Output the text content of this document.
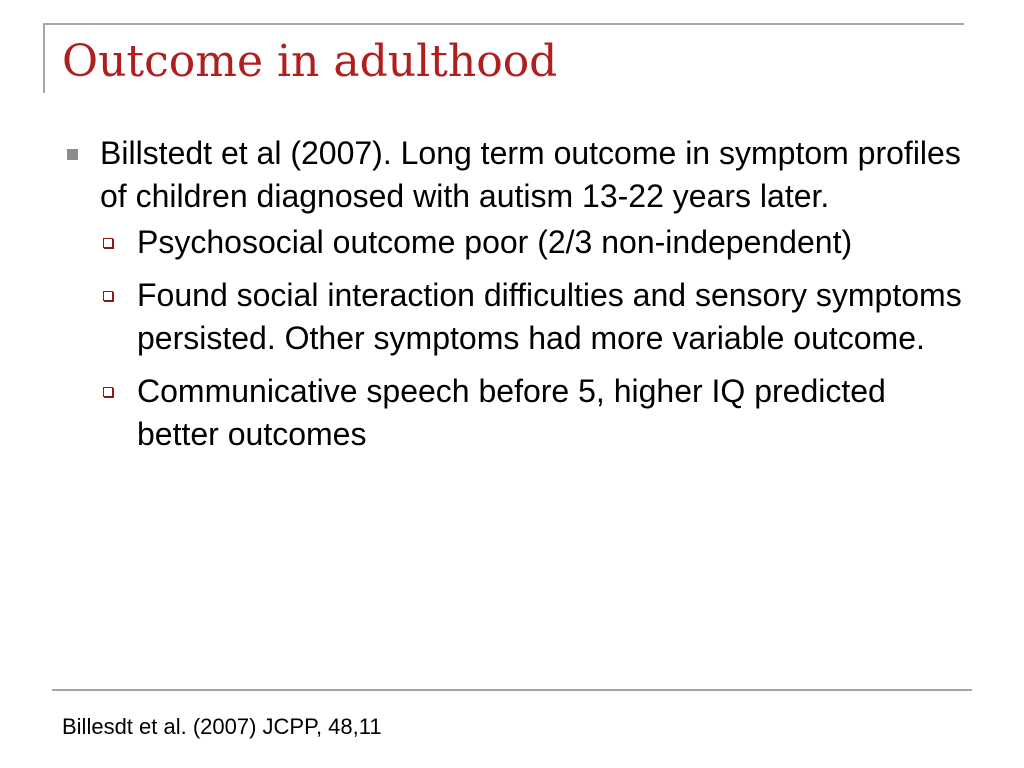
Outcome in adulthood
Billstedt et al (2007). Long term outcome in symptom profiles of children diagnosed with autism 13-22 years later.
Psychosocial outcome poor (2/3 non-independent)
Found social interaction difficulties and sensory symptoms persisted. Other symptoms had more variable outcome.
Communicative speech before 5, higher IQ predicted better outcomes
Billesdt et al. (2007) JCPP, 48,11
